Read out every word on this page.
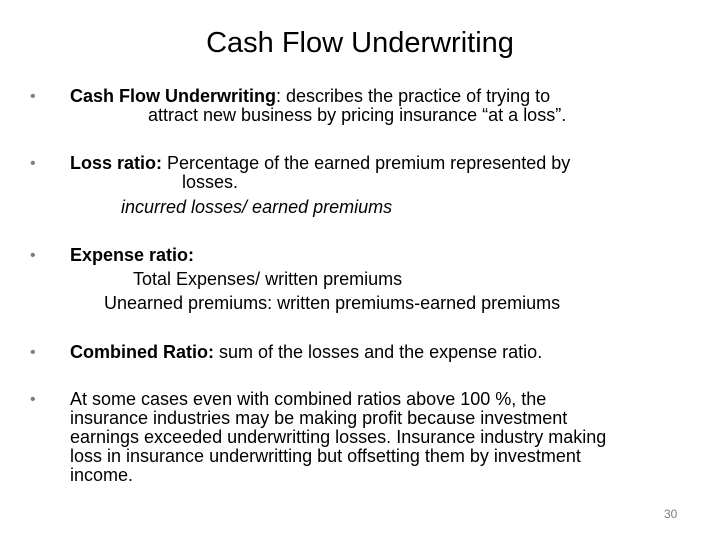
Cash Flow Underwriting
• Cash Flow Underwriting: describes the practice of trying to
attract new business by pricing insurance “at a loss”.
• Loss ratio: Percentage of the earned premium represented by
losses.
incurred losses/ earned premiums
• Expense ratio:
Total Expenses/ written premiums
Unearned premiums: written premiums-earned premiums
• Combined Ratio: sum of the losses and the expense ratio.
• At some cases even with combined ratios above 100 %, the
insurance industries may be making profit because investment
earnings exceeded underwritting losses. Insurance industry making
loss in insurance underwritting but offsetting them by investment
income.
30
